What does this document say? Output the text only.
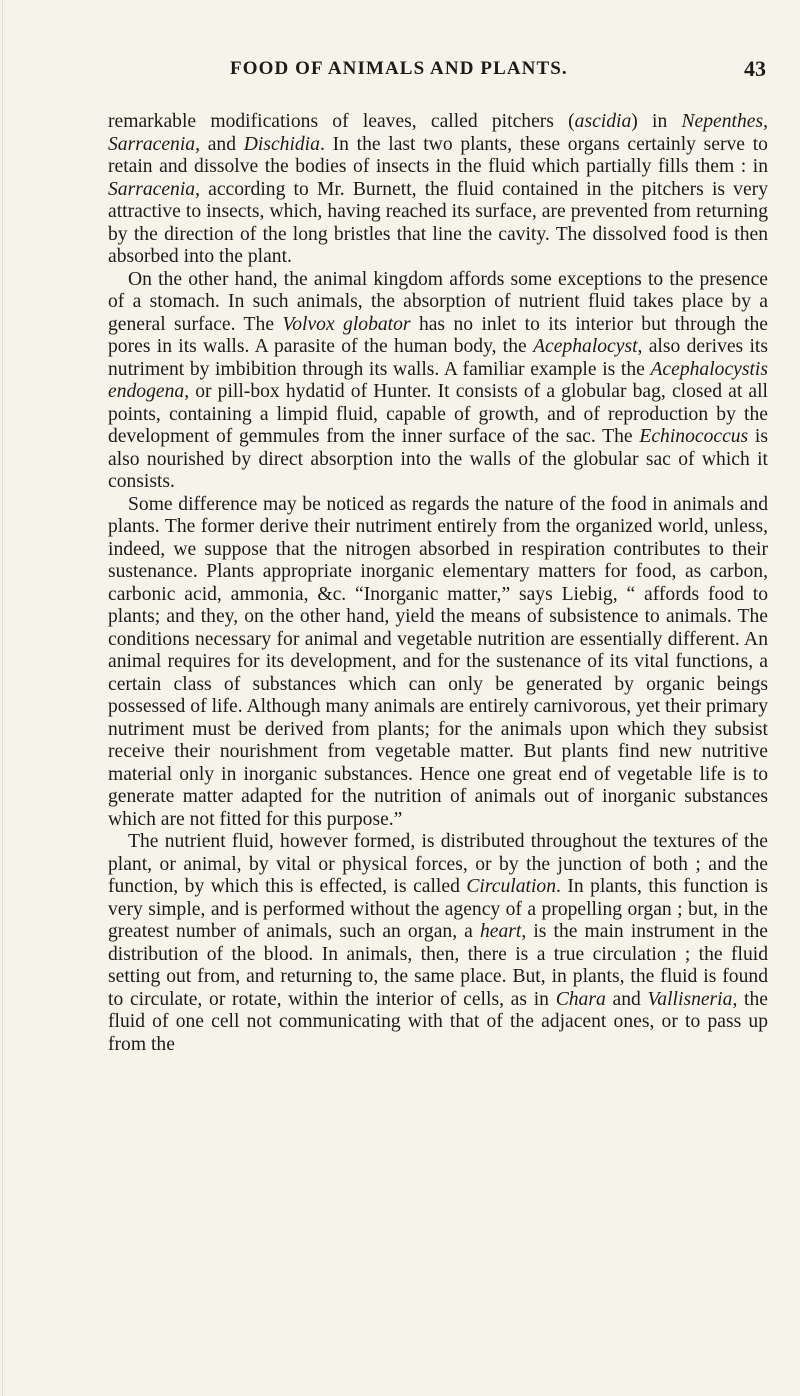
FOOD OF ANIMALS AND PLANTS.	43

remarkable modifications of leaves, called pitchers (ascidia) in Nepenthes, Sarracenia, and Dischidia. In the last two plants, these organs certainly serve to retain and dissolve the bodies of insects in the fluid which partially fills them : in Sarracenia, according to Mr. Burnett, the fluid contained in the pitchers is very attractive to insects, which, having reached its surface, are prevented from returning by the direction of the long bristles that line the cavity. The dissolved food is then absorbed into the plant.

On the other hand, the animal kingdom affords some exceptions to the presence of a stomach. In such animals, the absorption of nutrient fluid takes place by a general surface. The Volvox globator has no inlet to its interior but through the pores in its walls. A parasite of the human body, the Acephalocyst, also derives its nutriment by imbibition through its walls. A familiar example is the Acephalocystis endogena, or pill-box hydatid of Hunter. It consists of a globular bag, closed at all points, containing a limpid fluid, capable of growth, and of reproduction by the development of gemmules from the inner surface of the sac. The Echinococcus is also nourished by direct absorption into the walls of the globular sac of which it consists.

Some difference may be noticed as regards the nature of the food in animals and plants. The former derive their nutriment entirely from the organized world, unless, indeed, we suppose that the nitrogen absorbed in respiration contributes to their sustenance. Plants appropriate inorganic elementary matters for food, as carbon, carbonic acid, ammonia, &c. “Inorganic matter,” says Liebig, “ affords food to plants; and they, on the other hand, yield the means of subsistence to animals. The conditions necessary for animal and vegetable nutrition are essentially different. An animal requires for its development, and for the sustenance of its vital functions, a certain class of substances which can only be generated by organic beings possessed of life. Although many animals are entirely carnivorous, yet their primary nutriment must be derived from plants; for the animals upon which they subsist receive their nourishment from vegetable matter. But plants find new nutritive material only in inorganic substances. Hence one great end of vegetable life is to generate matter adapted for the nutrition of animals out of inorganic substances which are not fitted for this purpose.”

The nutrient fluid, however formed, is distributed throughout the textures of the plant, or animal, by vital or physical forces, or by the junction of both ; and the function, by which this is effected, is called Circulation. In plants, this function is very simple, and is performed without the agency of a propelling organ ; but, in the greatest number of animals, such an organ, a heart, is the main instrument in the distribution of the blood. In animals, then, there is a true circulation ; the fluid setting out from, and returning to, the same place. But, in plants, the fluid is found to circulate, or rotate, within the interior of cells, as in Chara and Vallisneria, the fluid of one cell not communicating with that of the adjacent ones, or to pass up from the
